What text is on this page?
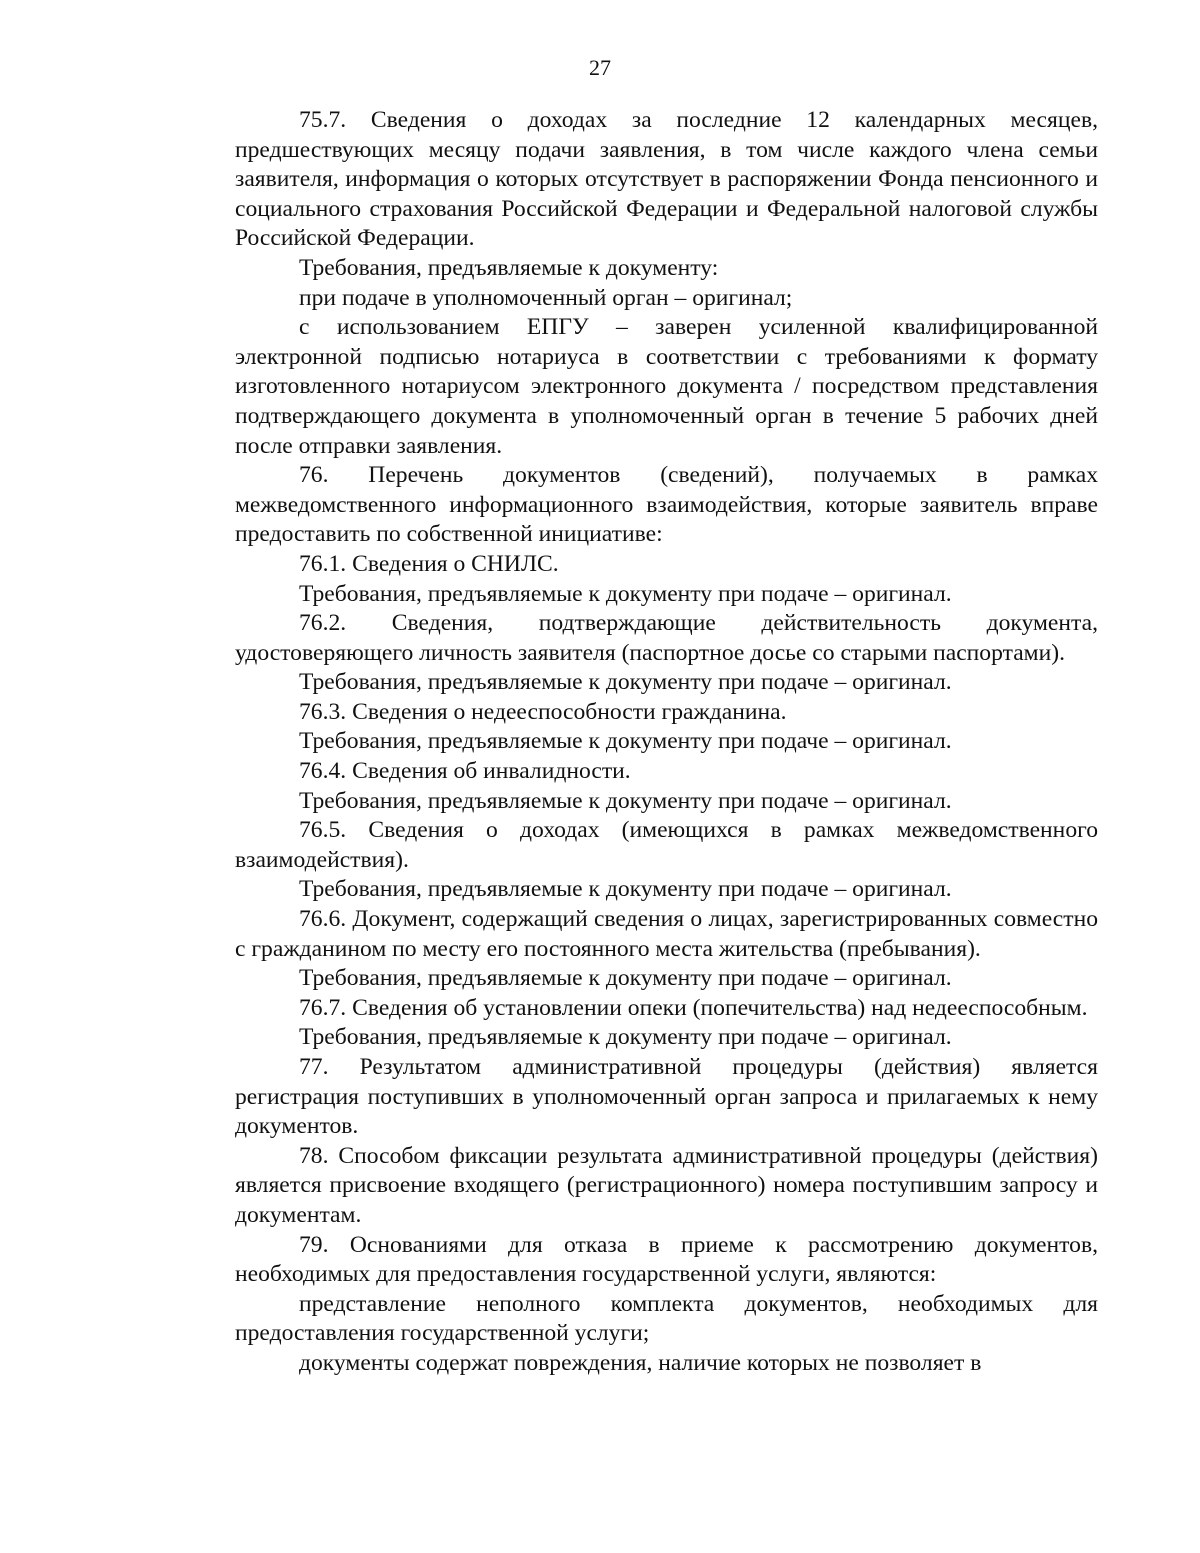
27

75.7. Сведения о доходах за последние 12 календарных месяцев, предшествующих месяцу подачи заявления, в том числе каждого члена семьи заявителя, информация о которых отсутствует в распоряжении Фонда пенсионного и социального страхования Российской Федерации и Федеральной налоговой службы Российской Федерации.

Требования, предъявляемые к документу:

при подаче в уполномоченный орган – оригинал;

с использованием ЕПГУ – заверен усиленной квалифицированной электронной подписью нотариуса в соответствии с требованиями к формату изготовленного нотариусом электронного документа / посредством представления подтверждающего документа в уполномоченный орган в течение 5 рабочих дней после отправки заявления.

76. Перечень документов (сведений), получаемых в рамках межведомственного информационного взаимодействия, которые заявитель вправе предоставить по собственной инициативе:

76.1. Сведения о СНИЛС.

Требования, предъявляемые к документу при подаче – оригинал.

76.2. Сведения, подтверждающие действительность документа, удостоверяющего личность заявителя (паспортное досье со старыми паспортами).

Требования, предъявляемые к документу при подаче – оригинал.

76.3. Сведения о недееспособности гражданина.

Требования, предъявляемые к документу при подаче – оригинал.

76.4. Сведения об инвалидности.

Требования, предъявляемые к документу при подаче – оригинал.

76.5. Сведения о доходах (имеющихся в рамках межведомственного взаимодействия).

Требования, предъявляемые к документу при подаче – оригинал.

76.6. Документ, содержащий сведения о лицах, зарегистрированных совместно с гражданином по месту его постоянного места жительства (пребывания).

Требования, предъявляемые к документу при подаче – оригинал.

76.7. Сведения об установлении опеки (попечительства) над недееспособным.

Требования, предъявляемые к документу при подаче – оригинал.

77. Результатом административной процедуры (действия) является регистрация поступивших в уполномоченный орган запроса и прилагаемых к нему документов.

78. Способом фиксации результата административной процедуры (действия) является присвоение входящего (регистрационного) номера поступившим запросу и документам.

79. Основаниями для отказа в приеме к рассмотрению документов, необходимых для предоставления государственной услуги, являются:

представление неполного комплекта документов, необходимых для предоставления государственной услуги;

документы содержат повреждения, наличие которых не позволяет в
